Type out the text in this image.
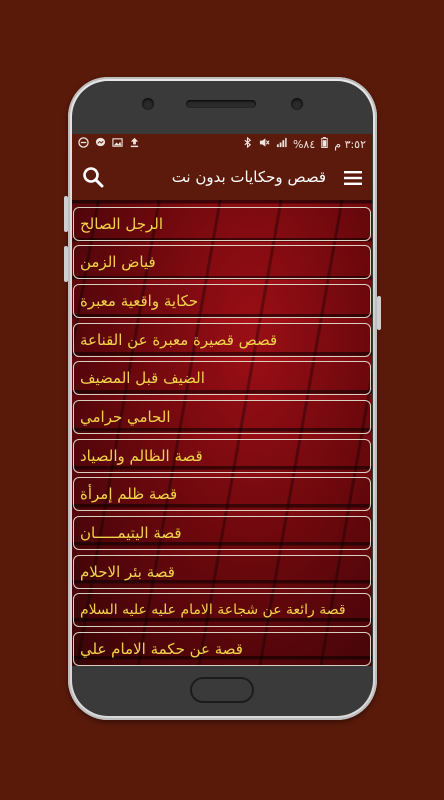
%٨٤ ٣:٥٢ م
قصص وحكايات بدون نت
الرجل الصالح
فياض الزمن
حكاية واقعية معبرة
قصص قصيرة معبرة عن القناعة
الضيف قبل المضيف
الحامي حرامي
قصة الظالم والصياد
قصة ظلم إمرأة
قصة اليتيمـــــان
قصة بئر الاحلام
قصة رائعة عن شجاعة الامام عليه عليه السلام
قصة عن حكمة الامام علي
